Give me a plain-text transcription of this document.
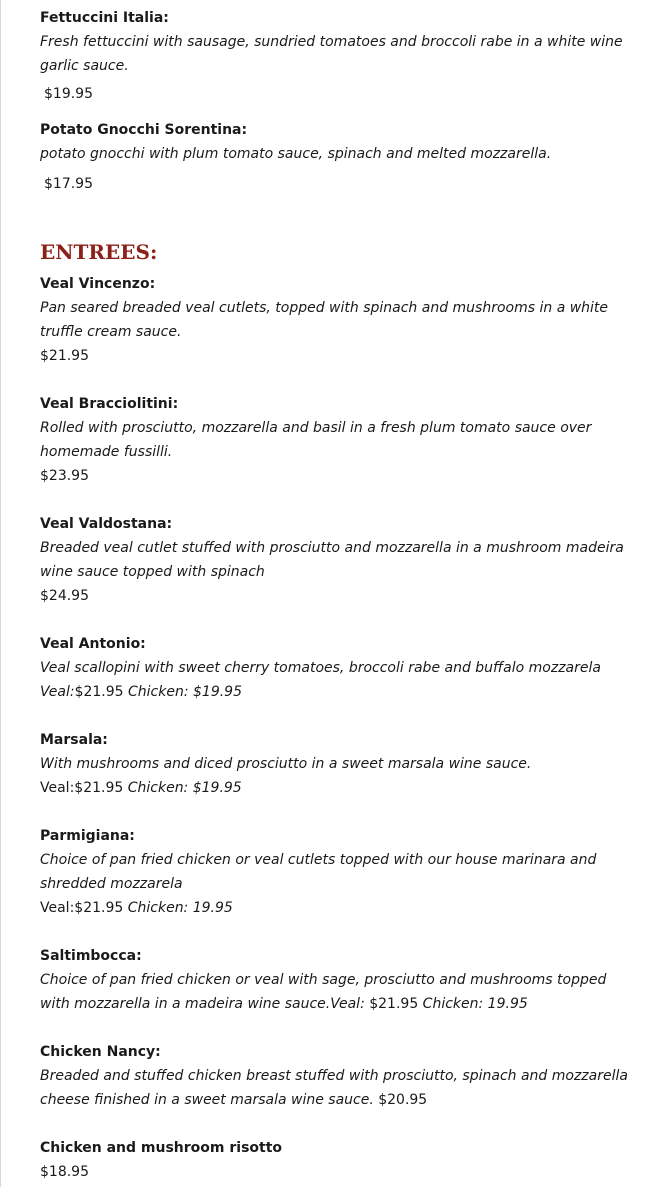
Fettuccini Italia:

Fresh fettuccini with sausage, sundried tomatoes and broccoli rabe in a white wine garlic sauce.

$19.95

Potato Gnocchi Sorentina:

potato gnocchi with plum tomato sauce, spinach and melted mozzarella.

$17.95

ENTREES:

Veal Vincenzo:

Pan seared breaded veal cutlets, topped with spinach and mushrooms in a white truffle cream sauce.

$21.95

Veal Bracciolitini:

Rolled with prosciutto, mozzarella and basil in a fresh plum tomato sauce over homemade fussilli.

$23.95

Veal Valdostana:

Breaded veal cutlet stuffed with prosciutto and mozzarella in a mushroom madeira wine sauce topped with spinach

$24.95

Veal Antonio:

Veal scallopini with sweet cherry tomatoes, broccoli rabe and buffalo mozzarela

Veal:$21.95 Chicken: $19.95

Marsala:

With mushrooms and diced prosciutto in a sweet marsala wine sauce.

Veal:$21.95 Chicken: $19.95

Parmigiana:

Choice of pan fried chicken or veal cutlets topped with our house marinara and shredded mozzarela

Veal:$21.95 Chicken: 19.95

Saltimbocca:

Choice of pan fried chicken or veal with sage, prosciutto and mushrooms topped with mozzarella in a madeira wine sauce.Veal: $21.95 Chicken: 19.95

Chicken Nancy:

Breaded and stuffed chicken breast stuffed with prosciutto, spinach and mozzarella cheese finished in a sweet marsala wine sauce. $20.95

Chicken and mushroom risotto

$18.95
